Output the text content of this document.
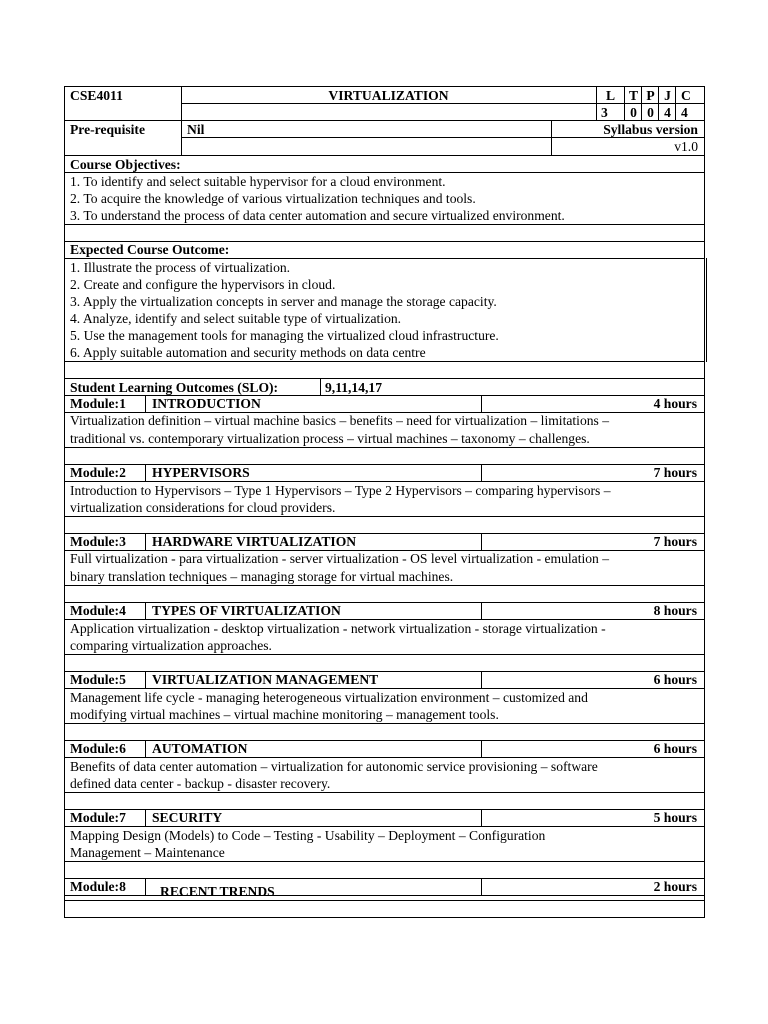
CSE4011	VIRTUALIZATION	L	T P J C
3	0 0 4 4
Pre-requisite	Nil	Syllabus version
v1.0
Course Objectives:
1. To identify and select suitable hypervisor for a cloud environment.
2. To acquire the knowledge of various virtualization techniques and tools.
3. To understand the process of data center automation and secure virtualized environment.
Expected Course Outcome:
1. Illustrate the process of virtualization.
2. Create and configure the hypervisors in cloud.
3. Apply the virtualization concepts in server and manage the storage capacity.
4. Analyze, identify and select suitable type of virtualization.
5. Use the management tools for managing the virtualized cloud infrastructure.
6. Apply suitable automation and security methods on data centre
Student Learning Outcomes (SLO):	9,11,14,17
Module:1 INTRODUCTION	4 hours
Virtualization definition – virtual machine basics – benefits – need for virtualization – limitations –
traditional vs. contemporary virtualization process – virtual machines – taxonomy – challenges.
Module:2 HYPERVISORS	7 hours
Introduction to Hypervisors – Type 1 Hypervisors – Type 2 Hypervisors – comparing hypervisors –
virtualization considerations for cloud providers.
Module:3 HARDWARE VIRTUALIZATION	7 hours
Full virtualization - para virtualization - server virtualization - OS level virtualization - emulation –
binary translation techniques – managing storage for virtual machines.
Module:4 TYPES OF VIRTUALIZATION	8 hours
Application virtualization - desktop virtualization - network virtualization - storage virtualization -
comparing virtualization approaches.
Module:5 VIRTUALIZATION MANAGEMENT	6 hours
Management life cycle - managing heterogeneous virtualization environment – customized and
modifying virtual machines – virtual machine monitoring – management tools.
Module:6 AUTOMATION	6 hours
Benefits of data center automation – virtualization for autonomic service provisioning – software
defined data center - backup - disaster recovery.
Module:7 SECURITY	5 hours
Mapping Design (Models) to Code – Testing - Usability – Deployment – Configuration
Management – Maintenance
Module:8	RECENT TRENDS	2 hours
